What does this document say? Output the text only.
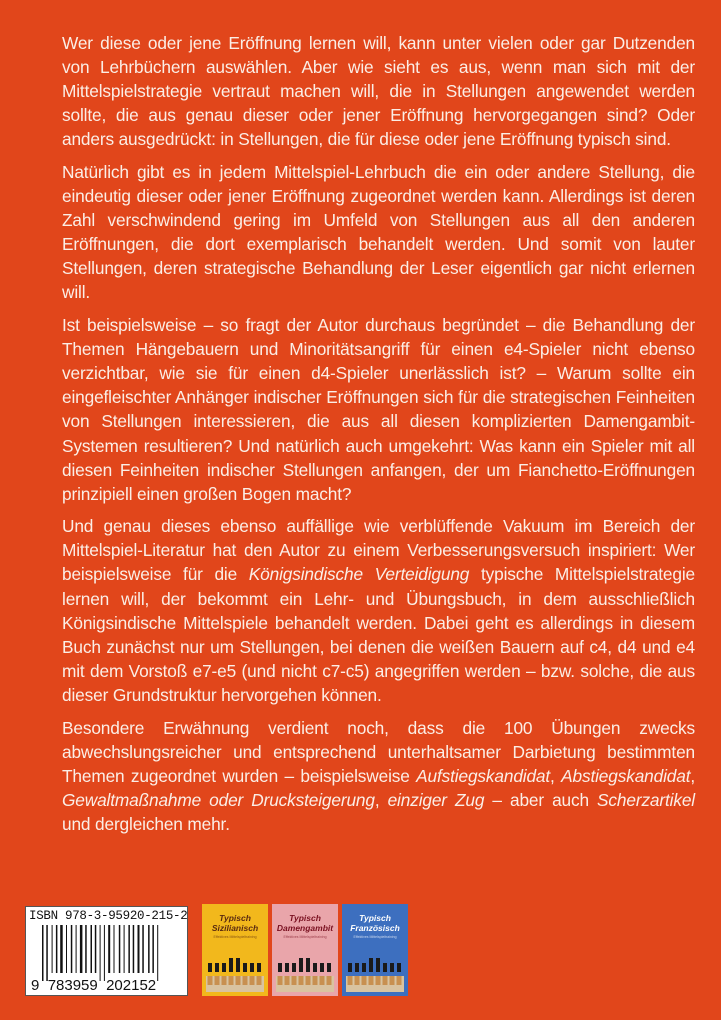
Wer diese oder jene Eröffnung lernen will, kann unter vielen oder gar Dutzenden von Lehrbüchern auswählen. Aber wie sieht es aus, wenn man sich mit der Mittelspielstrategie vertraut machen will, die in Stellungen angewendet werden sollte, die aus genau dieser oder jener Eröffnung hervorgegangen sind? Oder anders ausgedrückt: in Stellungen, die für diese oder jene Eröffnung typisch sind.

Natürlich gibt es in jedem Mittelspiel-Lehrbuch die ein oder andere Stellung, die eindeutig dieser oder jener Eröffnung zugeordnet werden kann. Allerdings ist deren Zahl verschwindend gering im Umfeld von Stellungen aus all den anderen Eröffnungen, die dort exemplarisch behandelt werden. Und somit von lauter Stellungen, deren strategische Behandlung der Leser eigentlich gar nicht erlernen will.

Ist beispielsweise – so fragt der Autor durchaus begründet – die Behandlung der Themen Hängebauern und Minoritätsangriff für einen e4-Spieler nicht ebenso verzichtbar, wie sie für einen d4-Spieler unerlässlich ist? – Warum sollte ein eingefleischter Anhänger indischer Eröffnungen sich für die strategischen Feinheiten von Stellungen interessieren, die aus all diesen komplizierten Damengambit-Systemen resultieren? Und natürlich auch umgekehrt: Was kann ein Spieler mit all diesen Feinheiten indischer Stellungen anfangen, der um Fianchetto-Eröffnungen prinzipiell einen großen Bogen macht?

Und genau dieses ebenso auffällige wie verblüffende Vakuum im Bereich der Mittelspiel-Literatur hat den Autor zu einem Verbesserungsversuch inspiriert: Wer beispielsweise für die Königsindische Verteidigung typische Mittelspielstrategie lernen will, der bekommt ein Lehr- und Übungsbuch, in dem ausschließlich Königsindische Mittelspiele behandelt werden. Dabei geht es allerdings in diesem Buch zunächst nur um Stellungen, bei denen die weißen Bauern auf c4, d4 und e4 mit dem Vorstoß e7-e5 (und nicht c7-c5) angegriffen werden – bzw. solche, die aus dieser Grundstruktur hervorgehen können.

Besondere Erwähnung verdient noch, dass die 100 Übungen zwecks abwechslungsreicher und entsprechend unterhaltsamer Darbietung bestimmten Themen zugeordnet wurden – beispielsweise Aufstiegskandidat, Abstiegskandidat, Gewaltmaßnahme oder Drucksteigerung, einziger Zug – aber auch Scherzartikel und dergleichen mehr.

ISBN 978-3-95920-215-2
9 783959 202152
Typisch Sizilianisch
Effektives Mittelspieltraining
Typisch Damengambit
Effektives Mittelspieltraining
Typisch Französisch
Effektives Mittelspieltraining
